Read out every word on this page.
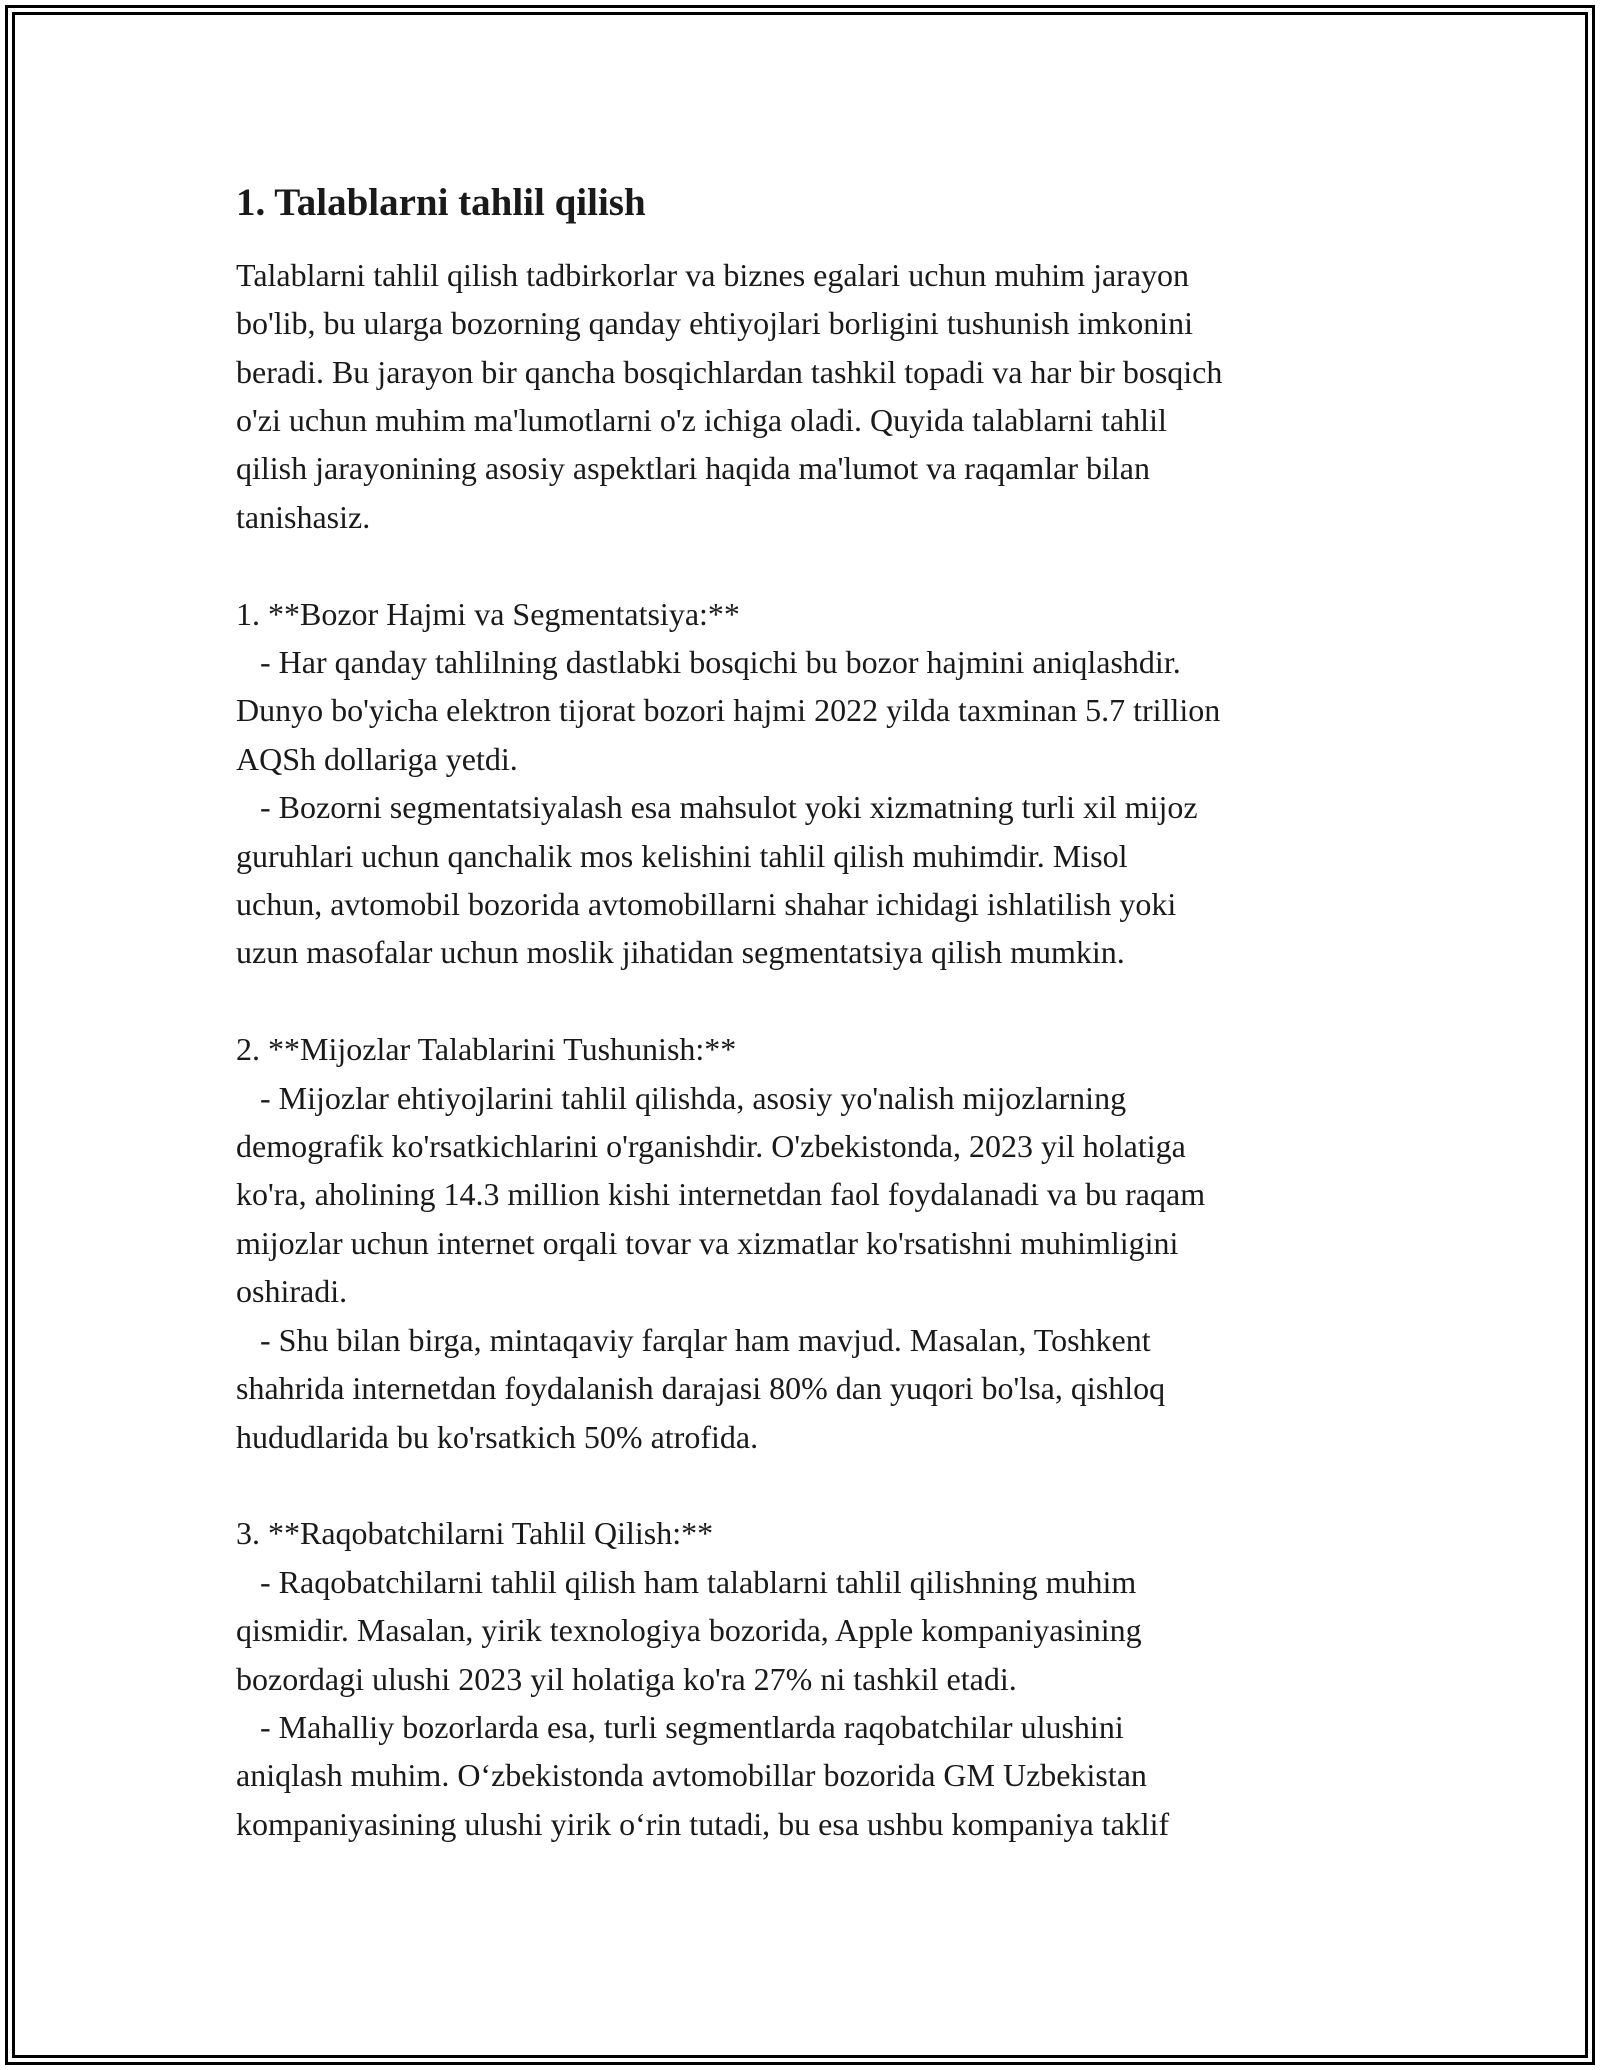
1. Talablarni tahlil qilish

Talablarni tahlil qilish tadbirkorlar va biznes egalari uchun muhim jarayon
bo'lib, bu ularga bozorning qanday ehtiyojlari borligini tushunish imkonini
beradi. Bu jarayon bir qancha bosqichlardan tashkil topadi va har bir bosqich
o'zi uchun muhim ma'lumotlarni o'z ichiga oladi. Quyida talablarni tahlil
qilish jarayonining asosiy aspektlari haqida ma'lumot va raqamlar bilan
tanishasiz.

1. **Bozor Hajmi va Segmentatsiya:**
- Har qanday tahlilning dastlabki bosqichi bu bozor hajmini aniqlashdir.
Dunyo bo'yicha elektron tijorat bozori hajmi 2022 yilda taxminan 5.7 trillion
AQSh dollariga yetdi.
- Bozorni segmentatsiyalash esa mahsulot yoki xizmatning turli xil mijoz
guruhlari uchun qanchalik mos kelishini tahlil qilish muhimdir. Misol
uchun, avtomobil bozorida avtomobillarni shahar ichidagi ishlatilish yoki
uzun masofalar uchun moslik jihatidan segmentatsiya qilish mumkin.

2. **Mijozlar Talablarini Tushunish:**
- Mijozlar ehtiyojlarini tahlil qilishda, asosiy yo'nalish mijozlarning
demografik ko'rsatkichlarini o'rganishdir. O'zbekistonda, 2023 yil holatiga
ko'ra, aholining 14.3 million kishi internetdan faol foydalanadi va bu raqam
mijozlar uchun internet orqali tovar va xizmatlar ko'rsatishni muhimligini
oshiradi.
- Shu bilan birga, mintaqaviy farqlar ham mavjud. Masalan, Toshkent
shahrida internetdan foydalanish darajasi 80% dan yuqori bo'lsa, qishloq
hududlarida bu ko'rsatkich 50% atrofida.

3. **Raqobatchilarni Tahlil Qilish:**
- Raqobatchilarni tahlil qilish ham talablarni tahlil qilishning muhim
qismidir. Masalan, yirik texnologiya bozorida, Apple kompaniyasining
bozordagi ulushi 2023 yil holatiga ko'ra 27% ni tashkil etadi.
- Mahalliy bozorlarda esa, turli segmentlarda raqobatchilar ulushini
aniqlash muhim. O‘zbekistonda avtomobillar bozorida GM Uzbekistan
kompaniyasining ulushi yirik o‘rin tutadi, bu esa ushbu kompaniya taklif
